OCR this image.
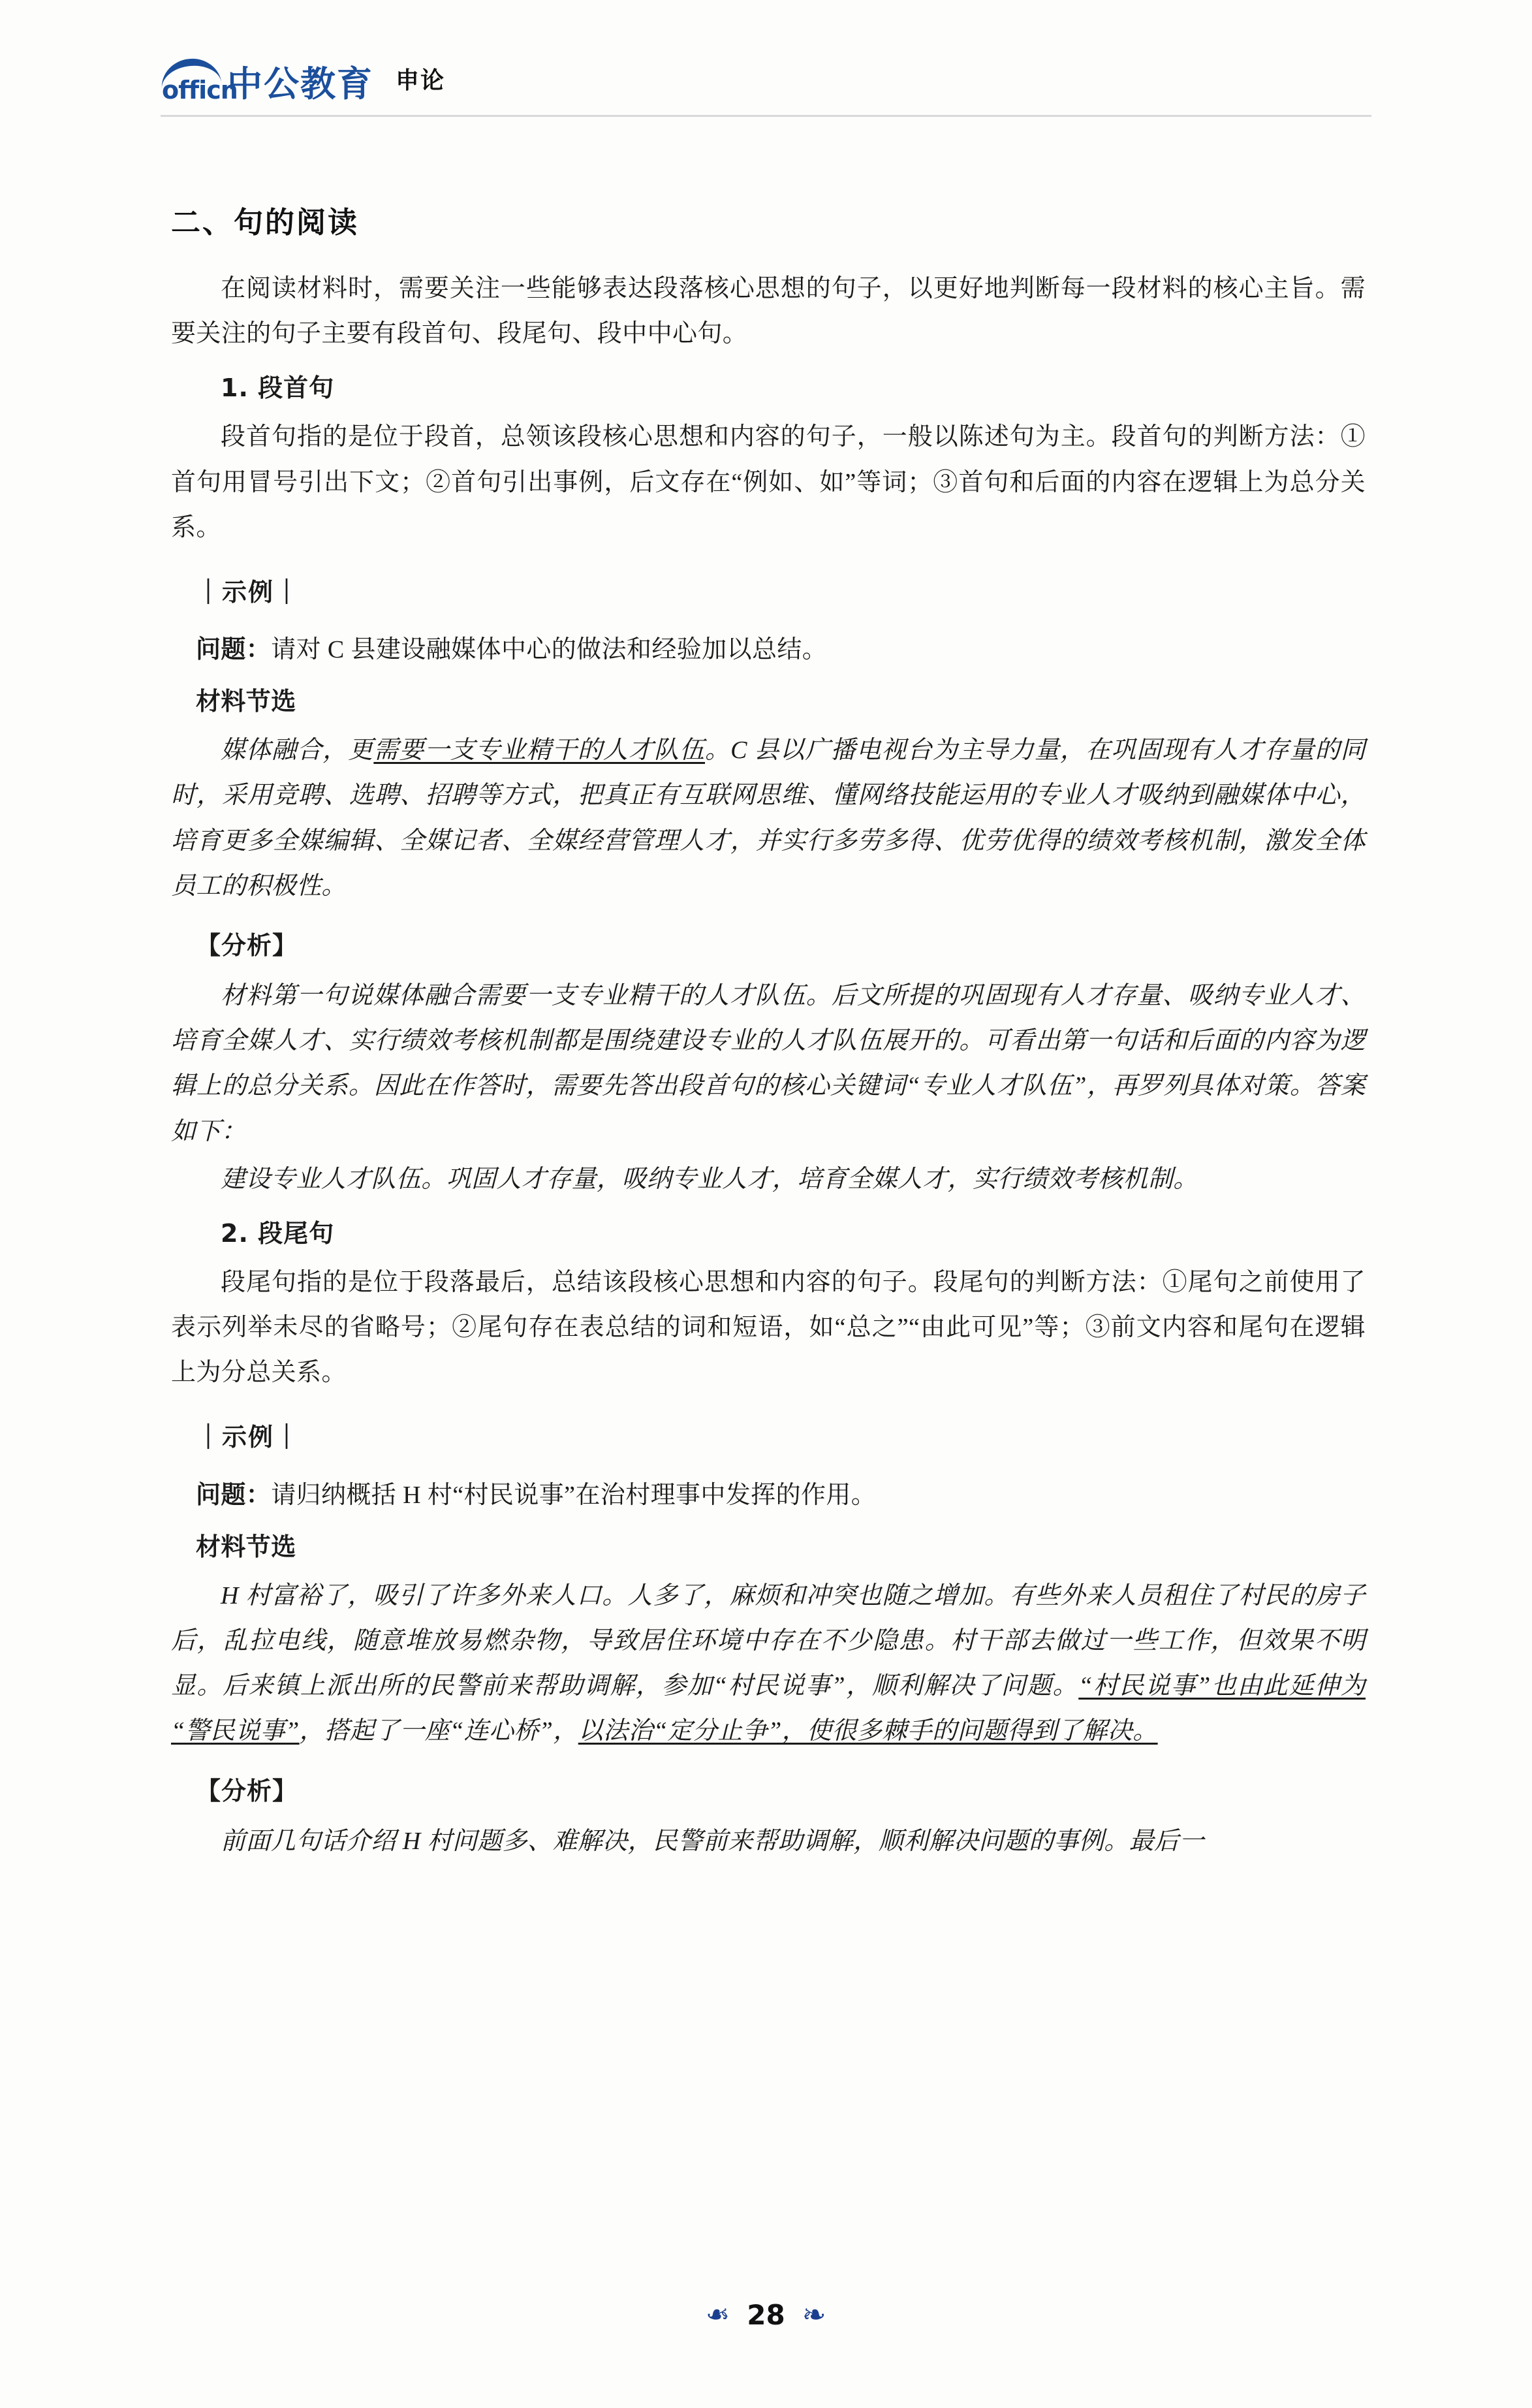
officn
中公教育 申论
二、句的阅读

在阅读材料时，需要关注一些能够表达段落核心思想的句子，以更好地判断每一段材料的核心主旨。需要关注的句子主要有段首句、段尾句、段中中心句。

1. 段首句

段首句指的是位于段首，总领该段核心思想和内容的句子，一般以陈述句为主。段首句的判断方法：①首句用冒号引出下文；②首句引出事例，后文存在“例如、如”等词；③首句和后面的内容在逻辑上为总分关系。

｜示例｜

问题：请对 C 县建设融媒体中心的做法和经验加以总结。

材料节选

媒体融合，更需要一支专业精干的人才队伍。C 县以广播电视台为主导力量，在巩固现有人才存量的同时，采用竞聘、选聘、招聘等方式，把真正有互联网思维、懂网络技能运用的专业人才吸纳到融媒体中心，培育更多全媒编辑、全媒记者、全媒经营管理人才，并实行多劳多得、优劳优得的绩效考核机制，激发全体员工的积极性。

【分析】

材料第一句说媒体融合需要一支专业精干的人才队伍。后文所提的巩固现有人才存量、吸纳专业人才、培育全媒人才、实行绩效考核机制都是围绕建设专业的人才队伍展开的。可看出第一句话和后面的内容为逻辑上的总分关系。因此在作答时，需要先答出段首句的核心关键词“专业人才队伍”，再罗列具体对策。答案如下：

建设专业人才队伍。巩固人才存量，吸纳专业人才，培育全媒人才，实行绩效考核机制。

2. 段尾句

段尾句指的是位于段落最后，总结该段核心思想和内容的句子。段尾句的判断方法：①尾句之前使用了表示列举未尽的省略号；②尾句存在表总结的词和短语，如“总之”“由此可见”等；③前文内容和尾句在逻辑上为分总关系。

｜示例｜

问题：请归纳概括 H 村“村民说事”在治村理事中发挥的作用。

材料节选

H 村富裕了，吸引了许多外来人口。人多了，麻烦和冲突也随之增加。有些外来人员租住了村民的房子后，乱拉电线，随意堆放易燃杂物，导致居住环境中存在不少隐患。村干部去做过一些工作，但效果不明显。后来镇上派出所的民警前来帮助调解，参加“村民说事”，顺利解决了问题。“村民说事”也由此延伸为“警民说事”，搭起了一座“连心桥”，以法治“定分止争”，使很多棘手的问题得到了解决。

【分析】

前面几句话介绍 H 村问题多、难解决，民警前来帮助调解，顺利解决问题的事例。最后一

❧ 28 ❧
